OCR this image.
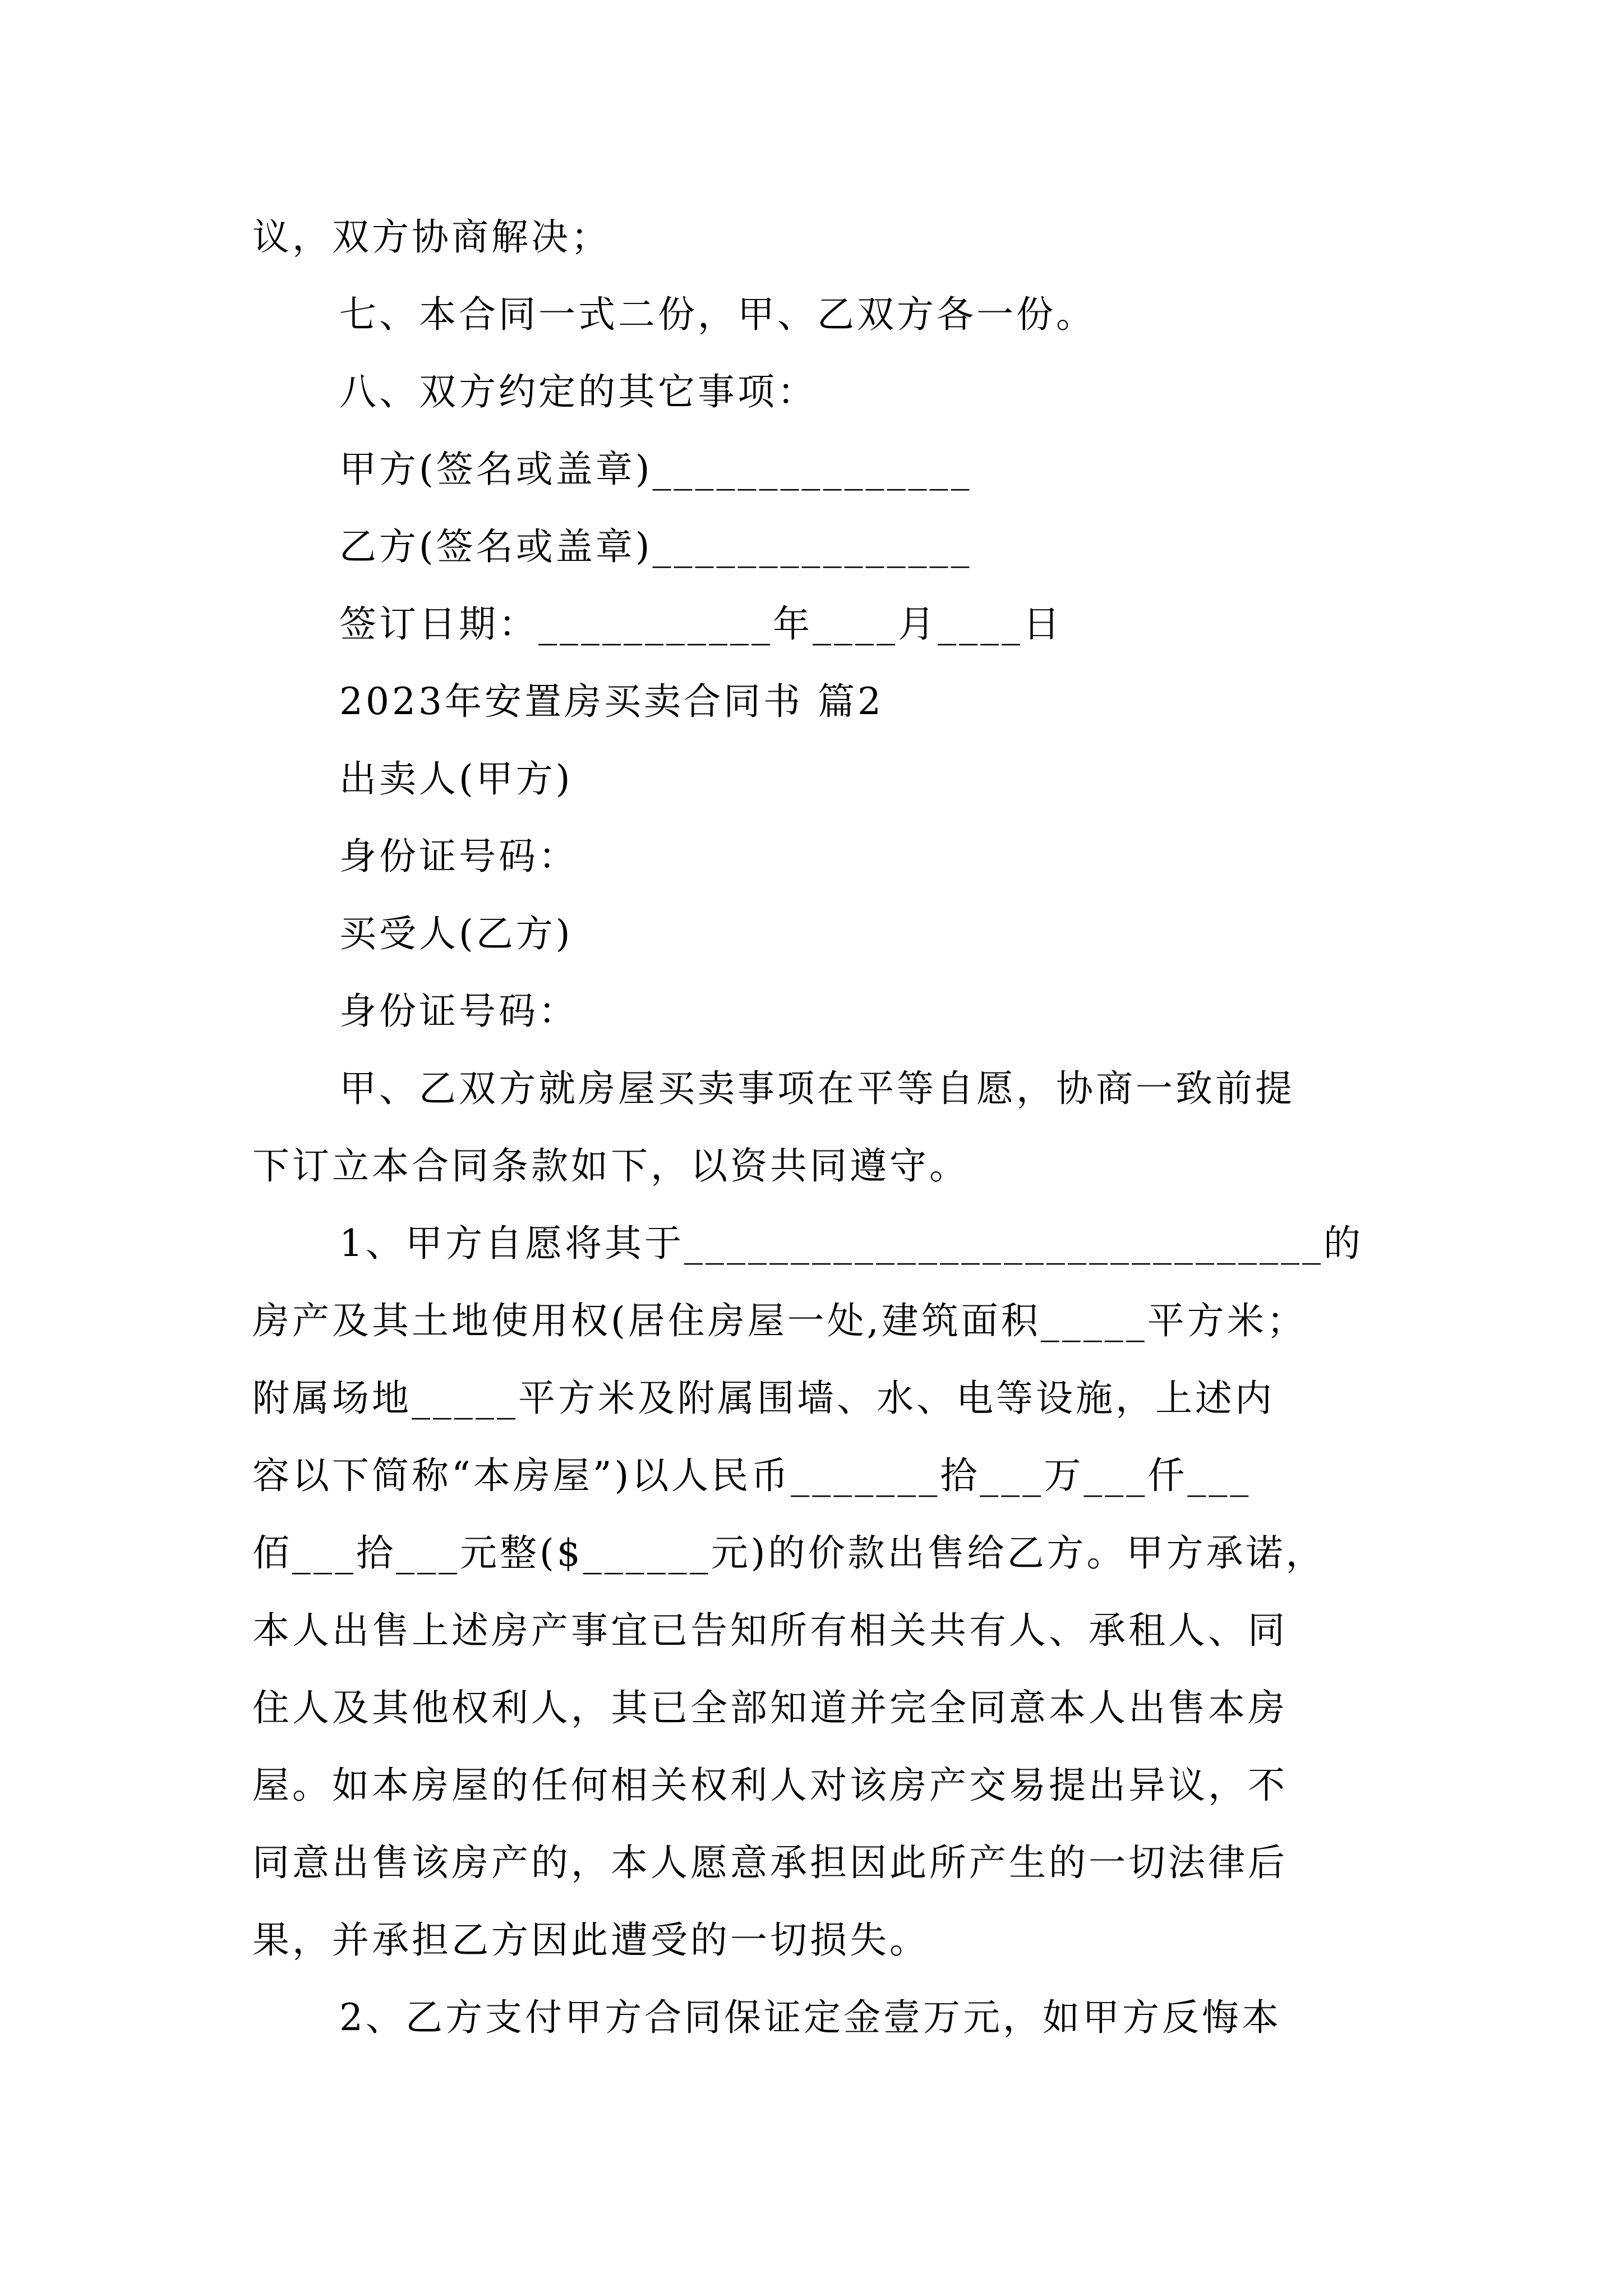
议，双方协商解决；
七、本合同一式二份，甲、乙双方各一份。
八、双方约定的其它事项：
甲方(签名或盖章)_______________
乙方(签名或盖章)_______________
签订日期：___________年____月____日
2023年安置房买卖合同书 篇2
出卖人(甲方)
身份证号码：
买受人(乙方)
身份证号码：
甲、乙双方就房屋买卖事项在平等自愿，协商一致前提
下订立本合同条款如下，以资共同遵守。
1、甲方自愿将其于______________________________的
房产及其土地使用权(居住房屋一处,建筑面积_____平方米；
附属场地_____平方米及附属围墙、水、电等设施，上述内
容以下简称“本房屋”)以人民币_______拾___万___仟___
佰___拾___元整($______元)的价款出售给乙方。甲方承诺，
本人出售上述房产事宜已告知所有相关共有人、承租人、同
住人及其他权利人，其已全部知道并完全同意本人出售本房
屋。如本房屋的任何相关权利人对该房产交易提出异议，不
同意出售该房产的，本人愿意承担因此所产生的一切法律后
果，并承担乙方因此遭受的一切损失。
2、乙方支付甲方合同保证定金壹万元，如甲方反悔本
